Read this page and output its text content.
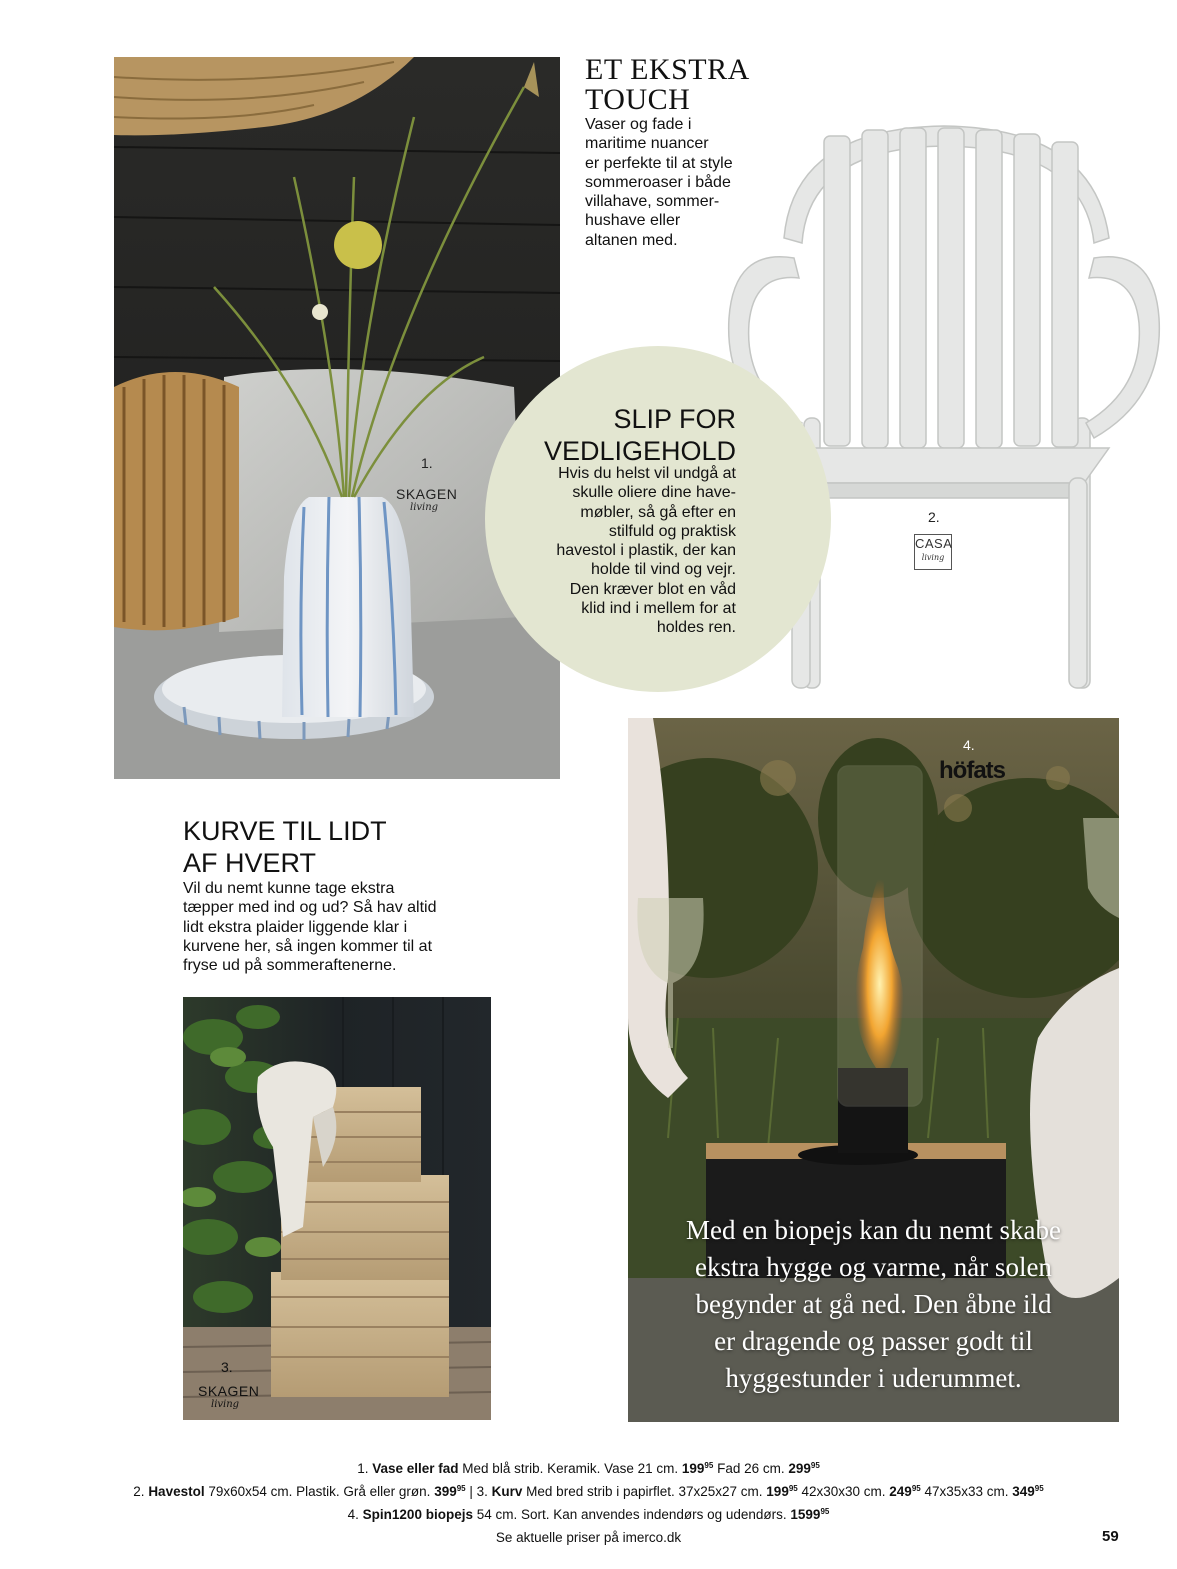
1.
SKAGEN
living
ET EKSTRA
TOUCH
Vaser og fade i
maritime nuancer
er perfekte til at style
sommeroaser i både
villahave, sommer-
hushave eller
altanen med.
2.
CASA
living
SLIP FOR
VEDLIGEHOLD
Hvis du helst vil undgå at
skulle oliere dine have-
møbler, så gå efter en
stilfuld og praktisk
havestol i plastik, der kan
holde til vind og vejr.
Den kræver blot en våd
klid ind i mellem for at
holdes ren.
KURVE TIL LIDT
AF HVERT
Vil du nemt kunne tage ekstra
tæpper med ind og ud? Så hav altid
lidt ekstra plaider liggende klar i
kurvene her, så ingen kommer til at
fryse ud på sommeraftenerne.
3.
SKAGEN
living
4.
höfats
Med en biopejs kan du nemt skabe
ekstra hygge og varme, når solen
begynder at gå ned. Den åbne ild
er dragende og passer godt til
hyggestunder i uderummet.
1. Vase eller fad Med blå strib. Keramik. Vase 21 cm. $199^{95}$ Fad 26 cm. $299^{95}$
2. Havestol 79x60x54 cm. Plastik. Grå eller grøn. $399^{95}$ | 3. Kurv Med bred strib i papirflet. 37x25x27 cm. $199^{95}$ 42x30x30 cm. $249^{95}$ 47x35x33 cm. $349^{95}$
4. Spin1200 biopejs 54 cm. Sort. Kan anvendes indendørs og udendørs. 1599$^{95}$
Se aktuelle priser på imerco.dk	59
